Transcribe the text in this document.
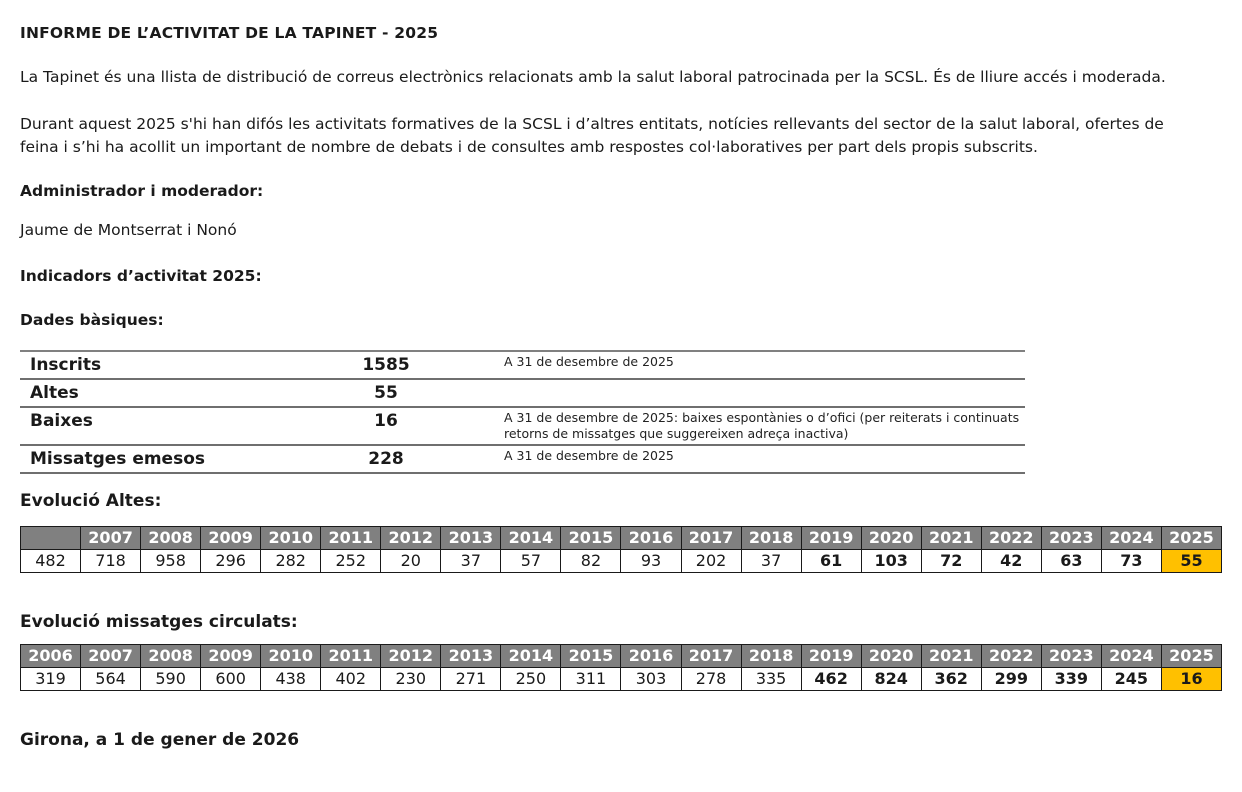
INFORME DE L’ACTIVITAT DE LA TAPINET - 2025

La Tapinet és una llista de distribució de correus electrònics relacionats amb la salut laboral patrocinada per la SCSL. És de lliure accés i moderada.

Durant aquest 2025 s'hi han difós les activitats formatives de la SCSL i d’altres entitats, notícies rellevants del sector de la salut laboral, ofertes de feina i s’hi ha acollit un important de nombre de debats i de consultes amb respostes col·laboratives per part dels propis subscrits.

Administrador i moderador:

Jaume de Montserrat i Nonó

Indicadors d’activitat 2025:
Dades bàsiques:
Inscrits	1585	A 31 de desembre de 2025
Altes	55	
Baixes	16	A 31 de desembre de 2025: baixes espontànies o d’ofici (per reiterats i continuats retorns de missatges que suggereixen adreça inactiva)
Missatges emesos	228	A 31 de desembre de 2025
Evolució Altes:
	2007	2008	2009	2010	2011	2012	2013	2014	2015	2016	2017	2018	2019	2020	2021	2022	2023	2024	2025
482	718	958	296	282	252	20	37	57	82	93	202	37	61	103	72	42	63	73	55
Evolució missatges circulats:
2006	2007	2008	2009	2010	2011	2012	2013	2014	2015	2016	2017	2018	2019	2020	2021	2022	2023	2024	2025
319	564	590	600	438	402	230	271	250	311	303	278	335	462	824	362	299	339	245	16

Girona, a 1 de gener de 2026
